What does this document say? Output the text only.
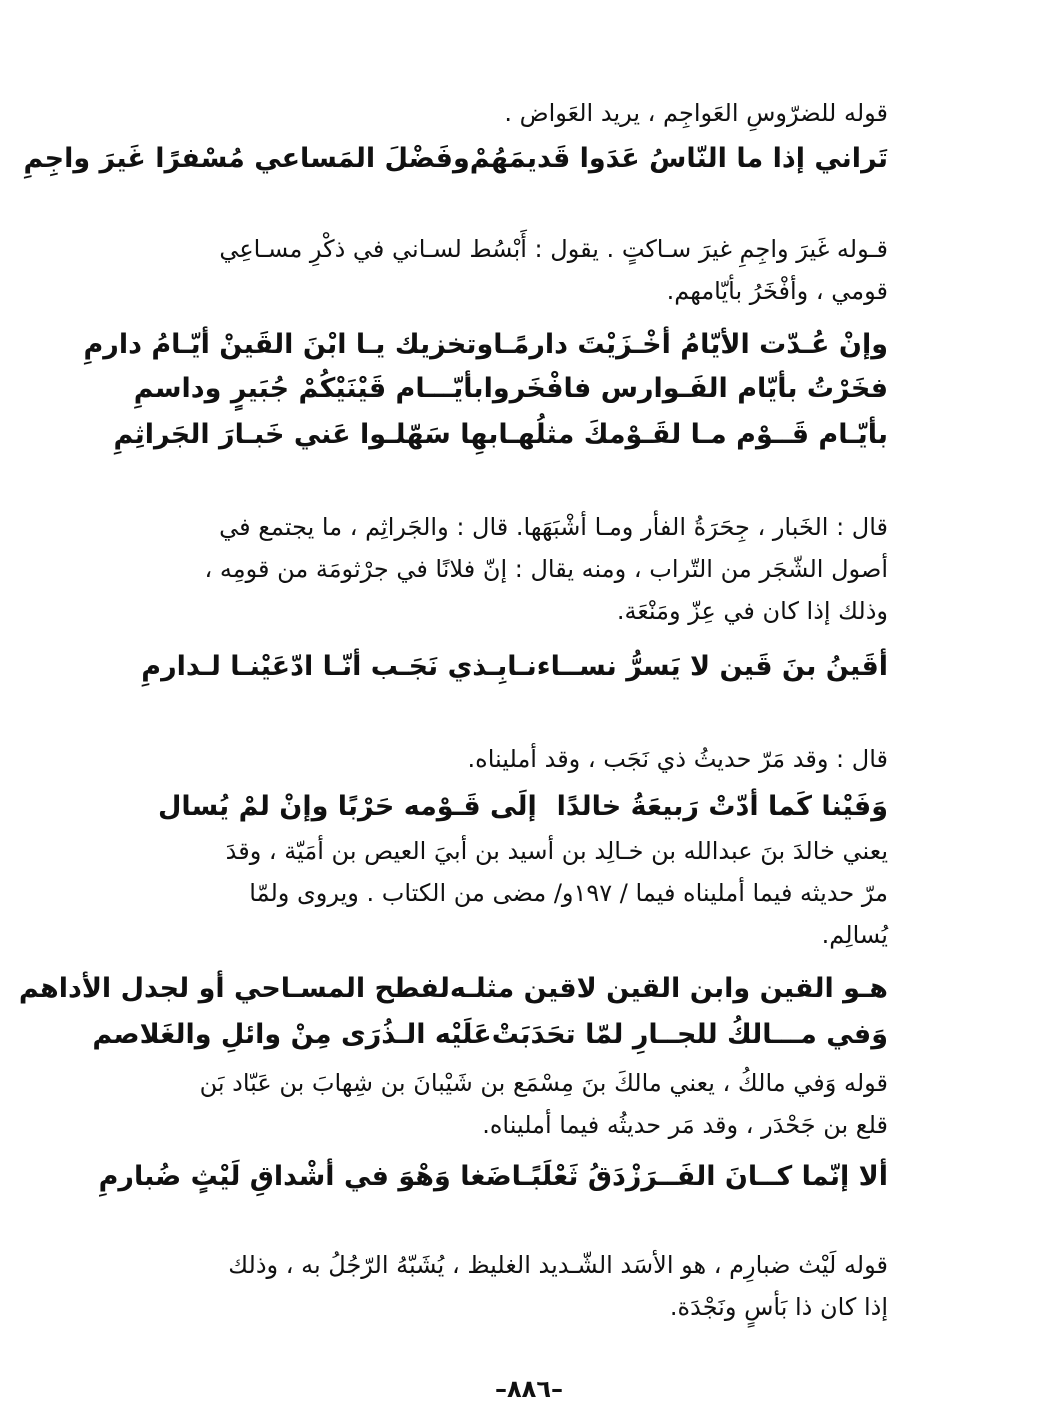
قوله للضرّوسِ العَواجِم ، يريد العَواض .
تَراني إذا ما النّاسُ عَدَوا قَديمَهُمْ
وفَضْلَ المَساعي مُسْفرًا غَيرَ واجِمِ
قـوله غَيرَ واجِمِ غيرَ سـاكتٍ . يقول : أَبْسُط لسـاني في ذكْرِ مسـاعِي
قومي ، وأفْخَرُ بأيّامهم.
وإنْ عُـدّت الأيّامُ أخْـزَيْتَ دارمًـا
وتخزيك يـا ابْنَ القَينْ أيّـامُ دارمِ
فخَرْتُ بأيّام الفَـوارس فافْخَروا
بأيّـــام قَيْنَيْكُمْ جُبَيرٍ وداسمِ
بأيّـام قَــوْم مـا لقَـوْمكَ مثلُهـا
بهِا سَهّلـوا عَني خَبـارَ الجَراثِمِ
قال : الخَبار ، جِحَرَةُ الفأر ومـا أشْبَهَها. قال : والجَراثِم ، ما يجتمع في
أصول الشّجَر من التّراب ، ومنه يقال : إنّ فلانًا في جرْثومَة من قومِه ،
وذلك إذا كان في عِزّ ومَنْعَة.
أقَينُ بنَ قَين لا يَسرُّ نســاءنـا
بِـذي نَجَـب أنّـا ادّعَيْنـا لـدارمِ
قال : وقد مَرّ حديثُ ذي نَجَب ، وقد أمليناه.
وَفَيْنا كَما أدّتْ رَبيعَةُ خالدًا
إلَى قَـوْمه حَرْبًا وإنْ لمْ يُسال
يعني خالدَ بنَ عبدالله بن خـالِد بن أسيد بن أبيَ العيص بن أمَيّة ، وقدَ
مرّ حديثه فيما أمليناه فيما / ١٩٧و/ مضى من الكتاب . ويروى ولمّا
يُسالِم.
هـو القين وابن القين لاقين مثلـه
لفطح المسـاحي أو لجدل الأداهم
وَفي مـــالكُ للجــارِ لمّا تحَدَبَتْ
عَلَيْه الـذُرَى مِنْ وائلِ والغَلاصم
قوله وَفي مالكُ ، يعني مالكَ بنَ مِسْمَع بن شَيْبانَ بن شِهابَ بن عَبّاد بَن
قلع بن جَحْدَر ، وقد مَر حديثُه فيما أمليناه.
ألا إنّما كــانَ الفَــرَزْدَقُ ثَعْلَبًـا
ضَغا وَهْوَ في أشْداقِ لَيْثٍ ضُبارمِ
قوله لَيْث ضبارِم ، هو الأسَد الشّـديد الغليظ ، يُشَبّهُ الرّجُلُ به ، وذلك
إذا كان ذا بَأسٍ ونَجْدَة.
–٨٨٦–
